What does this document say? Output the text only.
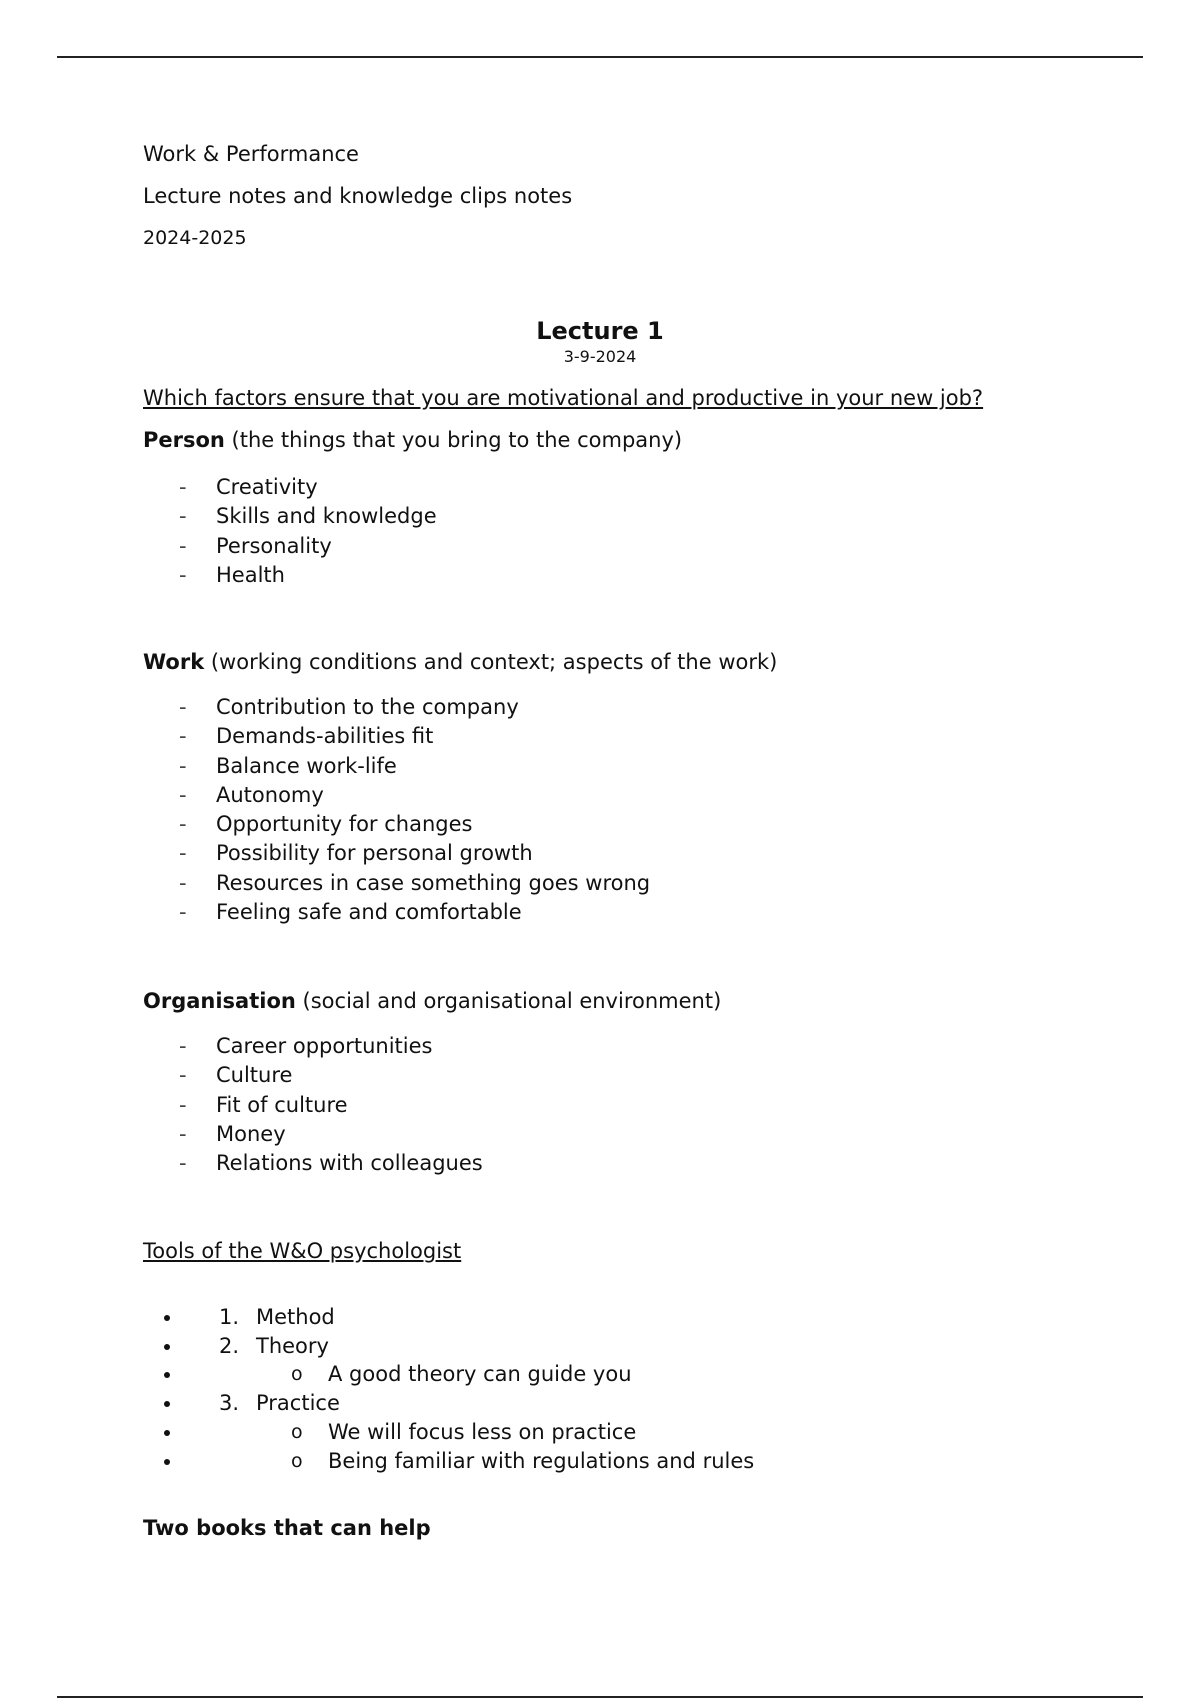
Work & Performance

Lecture notes and knowledge clips notes

2024-2025

Lecture 1

3-9-2024

Which factors ensure that you are motivational and productive in your new job?

Person (the things that you bring to the company)

- Creativity
- Skills and knowledge
- Personality
- Health

Work (working conditions and context; aspects of the work)

- Contribution to the company
- Demands-abilities fit
- Balance work-life
- Autonomy
- Opportunity for changes
- Possibility for personal growth
- Resources in case something goes wrong
- Feeling safe and comfortable

Organisation (social and organisational environment)

- Career opportunities
- Culture
- Fit of culture
- Money
- Relations with colleagues

Tools of the W&O psychologist

• 1. Method
• 2. Theory
• o A good theory can guide you
• 3. Practice
• o We will focus less on practice
• o Being familiar with regulations and rules

Two books that can help
